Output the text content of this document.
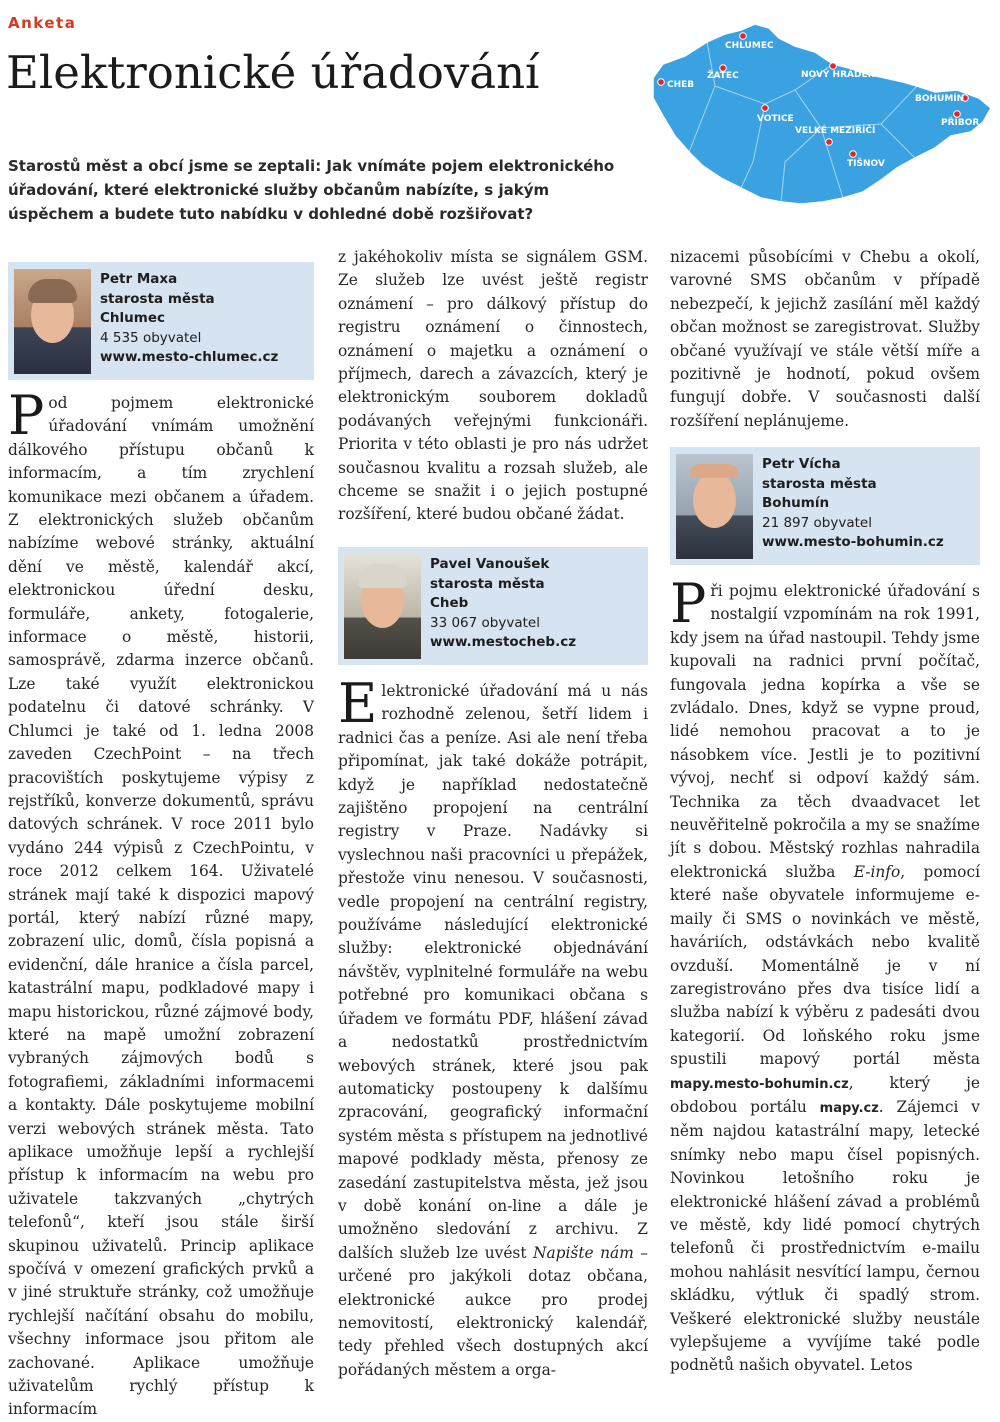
Anketa
Elektronické úřadování

Starostů měst a obcí jsme se zeptali: Jak vnímáte pojem elektronického úřadování, které elektronické služby občanům nabízíte, s jakým úspěchem a budete tuto nabídku v dohledné době rozšiřovat?

CHLUMEC
ŽATEC
CHEB
NOVÝ HRÁDEK
BOHUMÍN
PŘÍBOR
VOTICE
VELKÉ MEZIŘÍČÍ
TIŠNOV
Petr Maxa
starosta města
Chlumec
4 535 obyvatel
www.mesto-chlumec.cz
Pod pojmem elektronické úřadování vnímám umožnění dálkového přístupu občanů k informacím, a tím zrychlení komunikace mezi občanem a úřadem. Z elektronických služeb občanům nabízíme webové stránky, aktuální dění ve městě, kalendář akcí, elektronickou úřední desku, formuláře, ankety, fotogalerie, informace o městě, historii, samosprávě, zdarma inzerce občanů. Lze také využít elektronickou podatelnu či datové schránky. V Chlumci je také od 1. ledna 2008 zaveden CzechPoint – na třech pracovištích poskytujeme výpisy z rejstříků, konverze dokumentů, správu datových schránek. V roce 2011 bylo vydáno 244 výpisů z CzechPointu, v roce 2012 celkem 164. Uživatelé stránek mají také k dispozici mapový portál, který nabízí různé mapy, zobrazení ulic, domů, čísla popisná a evidenční, dále hranice a čísla parcel, katastrální mapu, podkladové mapy i mapu historickou, různé zájmové body, které na mapě umožní zobrazení vybraných zájmových bodů s fotografiemi, základními informacemi a kontakty. Dále poskytujeme mobilní verzi webových stránek města. Tato aplikace umožňuje lepší a rychlejší přístup k informacím na webu pro uživatele takzvaných „chytrých telefonů“, kteří jsou stále širší skupinou uživatelů. Princip aplikace spočívá v omezení grafických prvků a v jiné struktuře stránky, což umožňuje rychlejší načítání obsahu do mobilu, všechny informace jsou přitom ale zachované. Aplikace umožňuje uživatelům rychlý přístup k informacím
z jakéhokoliv místa se signálem GSM. Ze služeb lze uvést ještě registr oznámení – pro dálkový přístup do registru oznámení o činnostech, oznámení o majetku a oznámení o příjmech, darech a závazcích, který je elektronickým souborem dokladů podávaných veřejnými funkcionáři. Priorita v této oblasti je pro nás udržet současnou kvalitu a rozsah služeb, ale chceme se snažit i o jejich postupné rozšíření, které budou občané žádat.
Pavel Vanoušek
starosta města
Cheb
33 067 obyvatel
www.mestocheb.cz
Elektronické úřadování má u nás rozhodně zelenou, šetří lidem i radnici čas a peníze. Asi ale není třeba připomínat, jak také dokáže potrápit, když je například nedostatečně zajištěno propojení na centrální registry v Praze. Nadávky si vyslechnou naši pracovníci u přepážek, přestože vinu nenesou. V současnosti, vedle propojení na centrální registry, používáme následující elektronické služby: elektronické objednávání návštěv, vyplnitelné formuláře na webu potřebné pro komunikaci občana s úřadem ve formátu PDF, hlášení závad a nedostatků prostřednictvím webových stránek, které jsou pak automaticky postoupeny k dalšímu zpracování, geografický informační systém města s přístupem na jednotlivé mapové podklady města, přenosy ze zasedání zastupitelstva města, jež jsou v době konání on-line a dále je umožněno sledování z archivu. Z dalších služeb lze uvést Napište nám – určené pro jakýkoli dotaz občana, elektronické aukce pro prodej nemovitostí, elektronický kalendář, tedy přehled všech dostupných akcí pořádaných městem a orga-
nizacemi působícími v Chebu a okolí, varovné SMS občanům v případě nebezpečí, k jejichž zasílání měl každý občan možnost se zaregistrovat. Služby občané využívají ve stále větší míře a pozitivně je hodnotí, pokud ovšem fungují dobře. V současnosti další rozšíření neplánujeme.
Petr Vícha
starosta města
Bohumín
21 897 obyvatel
www.mesto-bohumin.cz
Při pojmu elektronické úřadování s nostalgií vzpomínám na rok 1991, kdy jsem na úřad nastoupil. Tehdy jsme kupovali na radnici první počítač, fungovala jedna kopírka a vše se zvládalo. Dnes, když se vypne proud, lidé nemohou pracovat a to je násobkem více. Jestli je to pozitivní vývoj, nechť si odpoví každý sám. Technika za těch dvaadvacet let neuvěřitelně pokročila a my se snažíme jít s dobou. Městský rozhlas nahradila elektronická služba E-info, pomocí které naše obyvatele informujeme e-maily či SMS o novinkách ve městě, haváriích, odstávkách nebo kvalitě ovzduší. Momentálně je v ní zaregistrováno přes dva tisíce lidí a služba nabízí k výběru z padesáti dvou kategorií. Od loňského roku jsme spustili mapový portál města mapy.mesto-bohumin.cz, který je obdobou portálu mapy.cz. Zájemci v něm najdou katastrální mapy, letecké snímky nebo mapu čísel popisných. Novinkou letošního roku je elektronické hlášení závad a problémů ve městě, kdy lidé pomocí chytrých telefonů či prostřednictvím e-mailu mohou nahlásit nesvítící lampu, černou skládku, výtluk či spadlý strom. Veškeré elektronické služby neustále vylepšujeme a vyvíjíme také podle podnětů našich obyvatel. Letos
